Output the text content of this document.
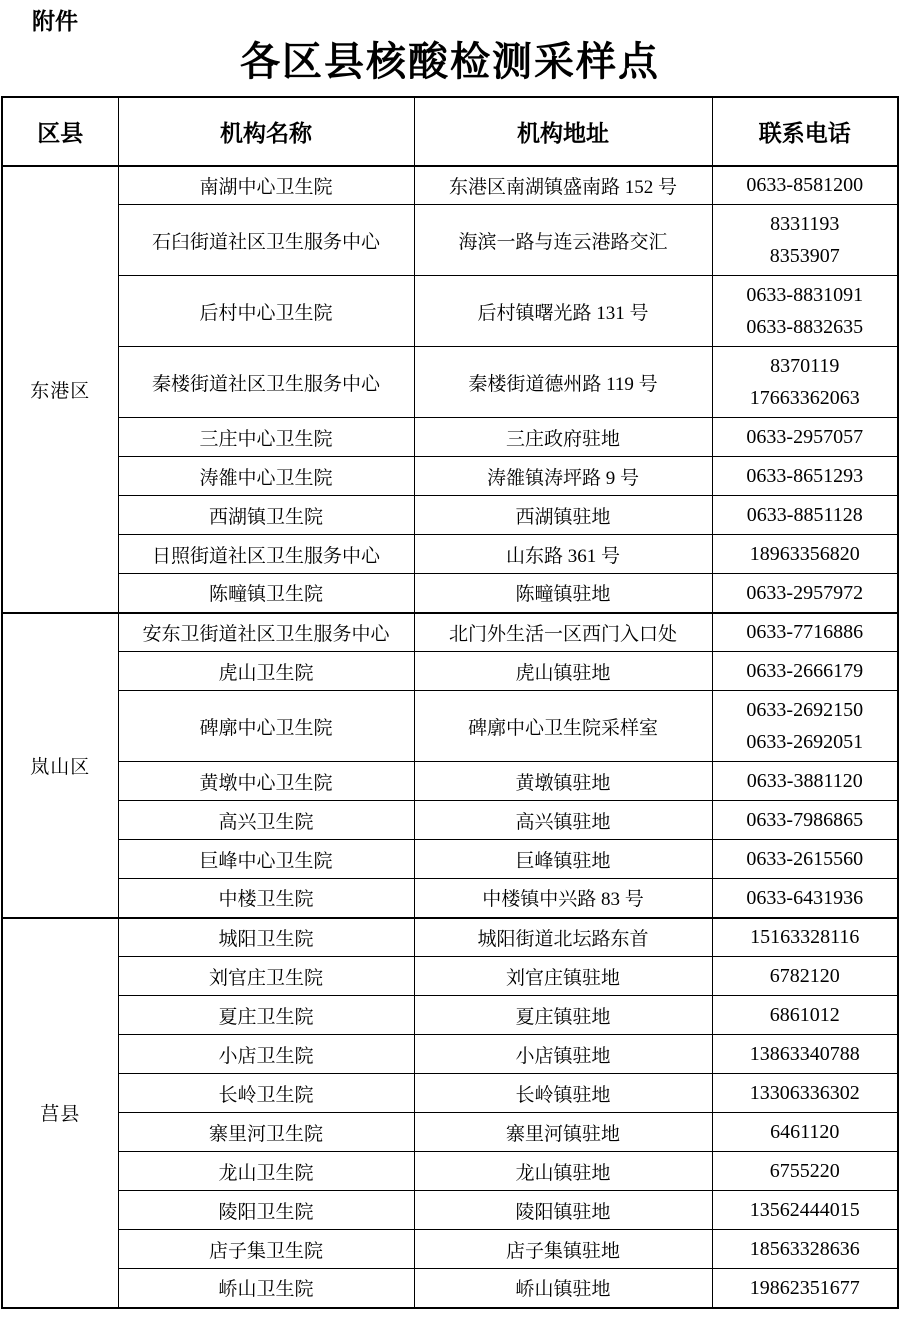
附件
各区县核酸检测采样点
区县	机构名称	机构地址	联系电话
东港区	南湖中心卫生院	东港区南湖镇盛南路 152 号	0633-8581200

	石臼街道社区卫生服务中心	海滨一路与连云港路交汇	8331193
8353907

	后村中心卫生院	后村镇曙光路 131 号	0633-8831091
0633-8832635

	秦楼街道社区卫生服务中心	秦楼街道德州路 119 号	8370119
17663362063

	三庄中心卫生院	三庄政府驻地	0633-2957057

	涛雒中心卫生院	涛雒镇涛坪路 9 号	0633-8651293

	西湖镇卫生院	西湖镇驻地	0633-8851128

	日照街道社区卫生服务中心	山东路 361 号	18963356820

	陈疃镇卫生院	陈疃镇驻地	0633-2957972

岚山区	安东卫街道社区卫生服务中心	北门外生活一区西门入口处	0633-7716886

	虎山卫生院	虎山镇驻地	0633-2666179

	碑廓中心卫生院	碑廓中心卫生院采样室	0633-2692150
0633-2692051

	黄墩中心卫生院	黄墩镇驻地	0633-3881120

	高兴卫生院	高兴镇驻地	0633-7986865

	巨峰中心卫生院	巨峰镇驻地	0633-2615560

	中楼卫生院	中楼镇中兴路 83 号	0633-6431936

莒县	城阳卫生院	城阳街道北坛路东首	15163328116

	刘官庄卫生院	刘官庄镇驻地	6782120

	夏庄卫生院	夏庄镇驻地	6861012

	小店卫生院	小店镇驻地	13863340788

	长岭卫生院	长岭镇驻地	13306336302

	寨里河卫生院	寨里河镇驻地	6461120

	龙山卫生院	龙山镇驻地	6755220

	陵阳卫生院	陵阳镇驻地	13562444015

	店子集卫生院	店子集镇驻地	18563328636

	峤山卫生院	峤山镇驻地	19862351677
